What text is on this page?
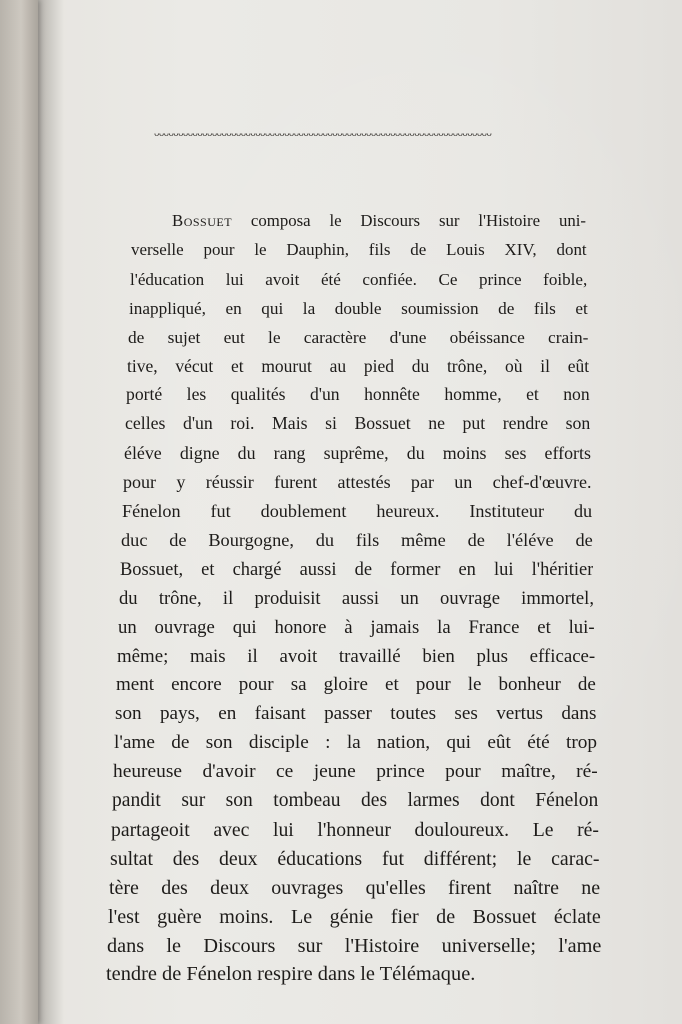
ᴗᴗᴗᴗᴗᴗᴗᴗᴗᴗᴗᴗᴗᴗᴗᴗᴗᴗᴗᴗᴗᴗᴗᴗᴗᴗᴗᴗᴗᴗᴗᴗᴗᴗᴗᴗᴗᴗᴗᴗᴗᴗᴗᴗᴗᴗᴗᴗᴗᴗᴗᴗᴗᴗᴗᴗᴗᴗᴗᴗᴗᴗᴗᴗᴗᴗᴗᴗᴗᴗ
Bossuet composa le Discours sur l'Histoire uni-
verselle pour le Dauphin, fils de Louis XIV, dont
l'éducation lui avoit été confiée. Ce prince foible,
inappliqué, en qui la double soumission de fils et
de sujet eut le caractère d'une obéissance crain-
tive, vécut et mourut au pied du trône, où il eût
porté les qualités d'un honnête homme, et non
celles d'un roi. Mais si Bossuet ne put rendre son
éléve digne du rang suprême, du moins ses efforts
pour y réussir furent attestés par un chef-d'œuvre.
Fénelon fut doublement heureux. Instituteur du
duc de Bourgogne, du fils même de l'éléve de
Bossuet, et chargé aussi de former en lui l'héritier
du trône, il produisit aussi un ouvrage immortel,
un ouvrage qui honore à jamais la France et lui-
même; mais il avoit travaillé bien plus efficace-
ment encore pour sa gloire et pour le bonheur de
son pays, en faisant passer toutes ses vertus dans
l'ame de son disciple : la nation, qui eût été trop
heureuse d'avoir ce jeune prince pour maître, ré-
pandit sur son tombeau des larmes dont Fénelon
partageoit avec lui l'honneur douloureux. Le ré-
sultat des deux éducations fut différent; le carac-
tère des deux ouvrages qu'elles firent naître ne
l'est guère moins. Le génie fier de Bossuet éclate
dans le Discours sur l'Histoire universelle; l'ame
tendre de Fénelon respire dans le Télémaque.
